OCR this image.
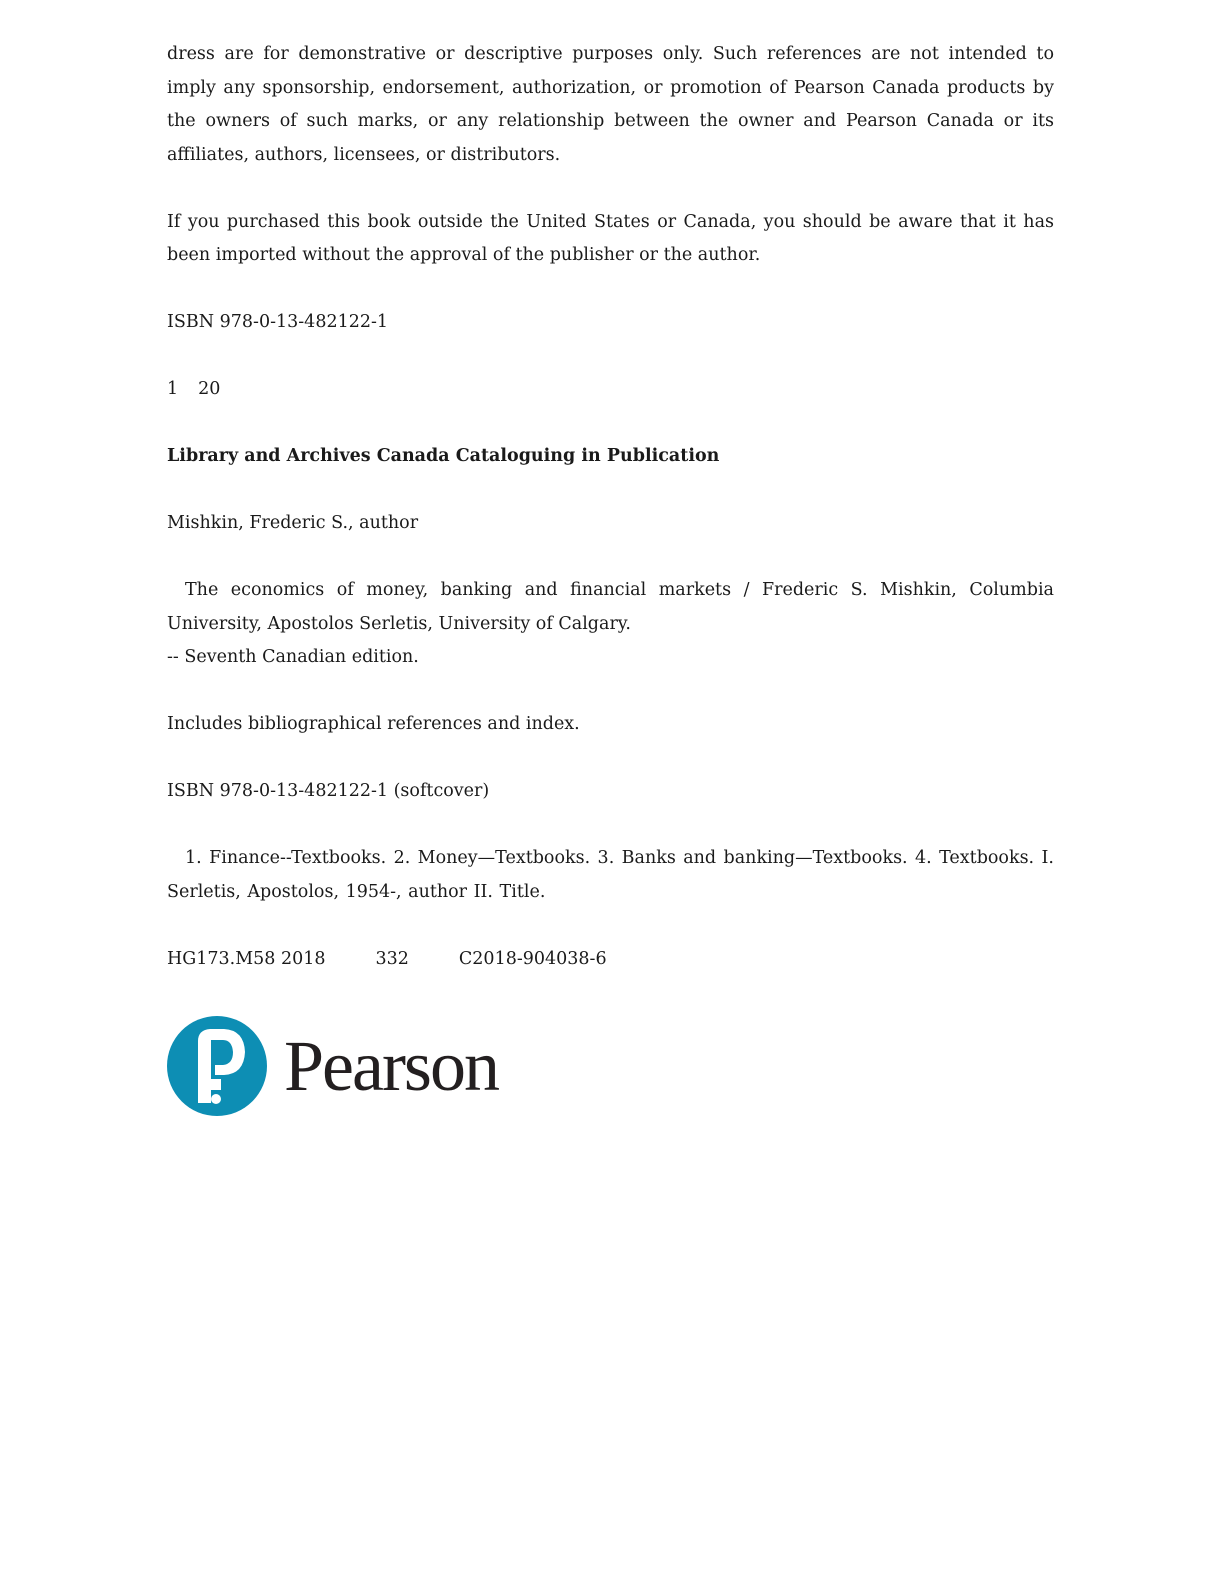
dress are for demonstrative or descriptive purposes only. Such references are not intended to imply any sponsorship, endorsement, authorization, or promotion of Pearson Canada products by the owners of such marks, or any relationship between the owner and Pearson Canada or its affiliates, authors, licensees, or distributors.

If you purchased this book outside the United States or Canada, you should be aware that it has been imported without the approval of the publisher or the author.

ISBN 978-0-13-482122-1

1 20

Library and Archives Canada Cataloguing in Publication

Mishkin, Frederic S., author

The economics of money, banking and financial markets / Frederic S. Mishkin, Columbia University, Apostolos Serletis, University of Calgary.

-- Seventh Canadian edition.

Includes bibliographical references and index.

ISBN 978-0-13-482122-1 (softcover)

1. Finance--Textbooks. 2. Money—Textbooks. 3. Banks and banking—Textbooks. 4. Textbooks. I. Serletis, Apostolos, 1954-, author II. Title.

HG173.M58 2018	332	C2018-904038-6

Pearson
